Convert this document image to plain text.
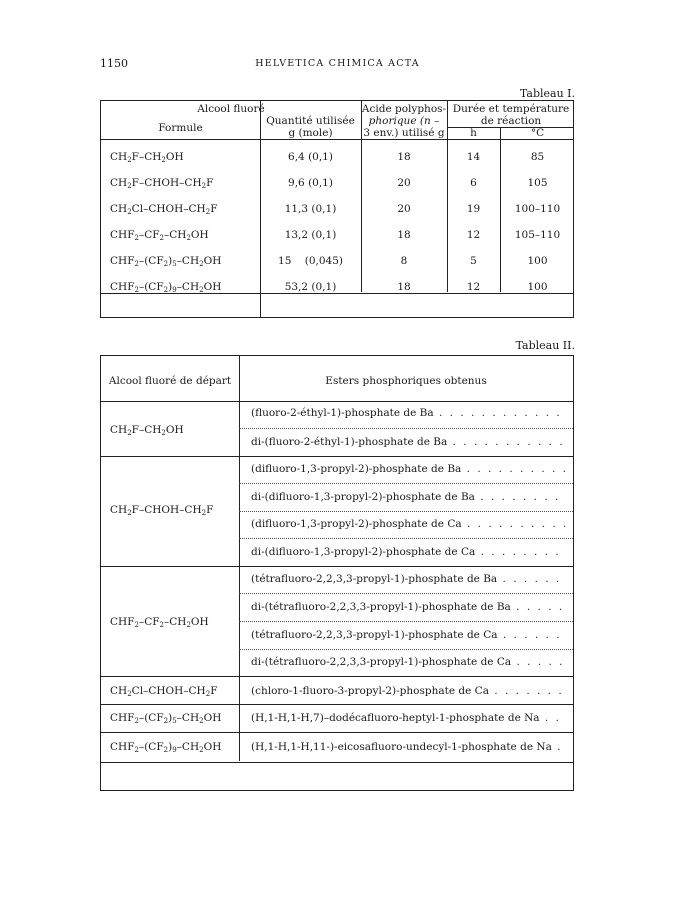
1150	HELVETICA CHIMICA ACTA
Tableau I.
Alcool fluoré
Formule
Quantité utilisée
g (mole)
Acide polyphos-
phorique (n –
3 env.) utilisé g
Durée et température
de réaction
h	°C
$CH_2F-CH_2OH$	6,4 (0,1)	18	14	85
$CH_2F-CHOH-CH_2F$	9,6 (0,1)	20	6	105
$CH_2Cl-CHOH-CH_2F$	11,3 (0,1)	20	19	100–110
$CHF_2-CF_2-CH_2OH$	13,2 (0,1)	18	12	105–110
$CHF_2-(CF_2)_5-CH_2OH$	15    (0,045)	8	5	100
$CHF_2-(CF_2)_9-CH_2OH$	53,2 (0,1)	18	12	100
Tableau II.
Alcool fluoré de départ	Esters phosphoriques obtenus
$CH_2F-CH_2OH$
(fluoro-2-éthyl-1)-phosphate de Ba . . .
di-(fluoro-2-éthyl-1)-phosphate de Ba . . .
$CH_2F-CHOH-CH_2F$
(difluoro-1,3-propyl-2)-phosphate de Ba . . .
di-(difluoro-1,3-propyl-2)-phosphate de Ba . . .
(difluoro-1,3-propyl-2)-phosphate de Ca . . .
di-(difluoro-1,3-propyl-2)-phosphate de Ca . . .
$CHF_2-CF_2-CH_2OH$
(tétrafluoro-2,2,3,3-propyl-1)-phosphate de Ba . . .
di-(tétrafluoro-2,2,3,3-propyl-1)-phosphate de Ba . . .
(tétrafluoro-2,2,3,3-propyl-1)-phosphate de Ca . . .
di-(tétrafluoro-2,2,3,3-propyl-1)-phosphate de Ca . . .
$CH_2Cl-CHOH-CH_2F$	(chloro-1-fluoro-3-propyl-2)-phosphate de Ca . . .
$CHF_2-(CF_2)_5-CH_2OH$	(H,1-H,1-H,7)–dodécafluoro-heptyl-1-phosphate de Na . .
$CHF_2-(CF_2)_9-CH_2OH$	(H,1-H,1-H,11-)-eicosafluoro-undecyl-1-phosphate de Na .
